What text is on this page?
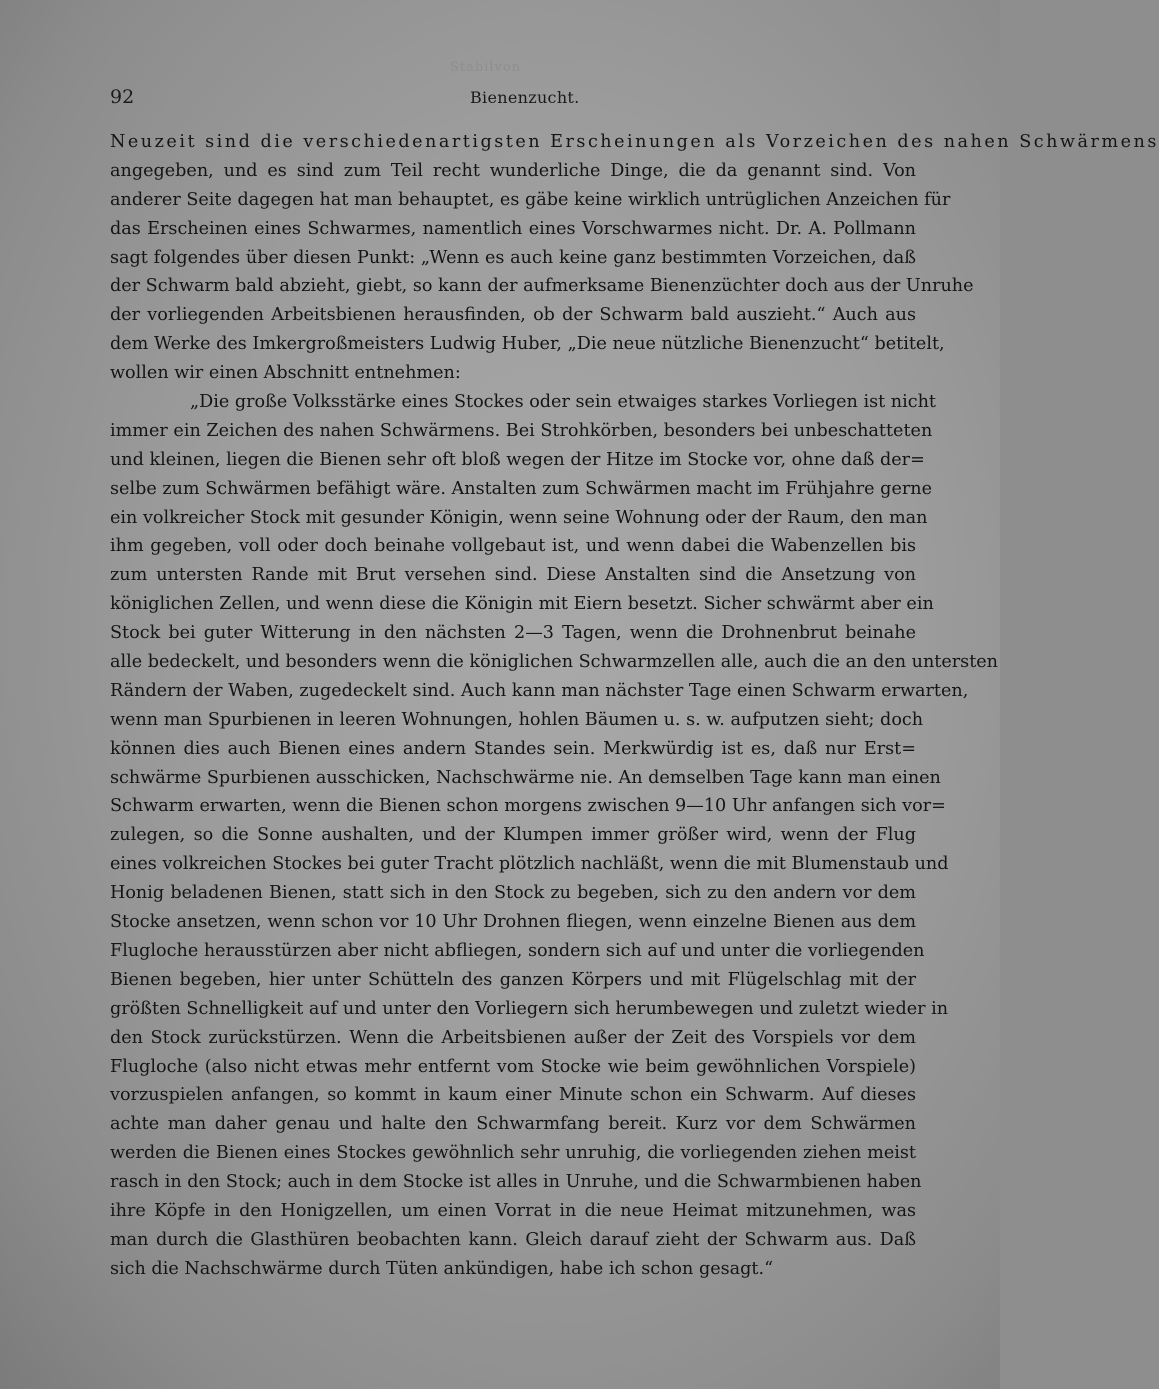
Stabilvon
92	Bienenzucht.
Neuzeit sind die verschiedenartigsten Erscheinungen als Vorzeichen des nahen Schwärmens
angegeben, und es sind zum Teil recht wunderliche Dinge, die da genannt sind. Von
anderer Seite dagegen hat man behauptet, es gäbe keine wirklich untrüglichen Anzeichen für
das Erscheinen eines Schwarmes, namentlich eines Vorschwarmes nicht. Dr. A. Pollmann
sagt folgendes über diesen Punkt: „Wenn es auch keine ganz bestimmten Vorzeichen, daß
der Schwarm bald abzieht, giebt, so kann der aufmerksame Bienenzüchter doch aus der Unruhe
der vorliegenden Arbeitsbienen herausfinden, ob der Schwarm bald auszieht.“ Auch aus
dem Werke des Imkergroßmeisters Ludwig Huber, „Die neue nützliche Bienenzucht“ betitelt,
wollen wir einen Abschnitt entnehmen:
„Die große Volksstärke eines Stockes oder sein etwaiges starkes Vorliegen ist nicht
immer ein Zeichen des nahen Schwärmens. Bei Strohkörben, besonders bei unbeschatteten
und kleinen, liegen die Bienen sehr oft bloß wegen der Hitze im Stocke vor, ohne daß der=
selbe zum Schwärmen befähigt wäre. Anstalten zum Schwärmen macht im Frühjahre gerne
ein volkreicher Stock mit gesunder Königin, wenn seine Wohnung oder der Raum, den man
ihm gegeben, voll oder doch beinahe vollgebaut ist, und wenn dabei die Wabenzellen bis
zum untersten Rande mit Brut versehen sind. Diese Anstalten sind die Ansetzung von
königlichen Zellen, und wenn diese die Königin mit Eiern besetzt. Sicher schwärmt aber ein
Stock bei guter Witterung in den nächsten 2—3 Tagen, wenn die Drohnenbrut beinahe
alle bedeckelt, und besonders wenn die königlichen Schwarmzellen alle, auch die an den untersten
Rändern der Waben, zugedeckelt sind. Auch kann man nächster Tage einen Schwarm erwarten,
wenn man Spurbienen in leeren Wohnungen, hohlen Bäumen u. s. w. aufputzen sieht; doch
können dies auch Bienen eines andern Standes sein. Merkwürdig ist es, daß nur Erst=
schwärme Spurbienen ausschicken, Nachschwärme nie. An demselben Tage kann man einen
Schwarm erwarten, wenn die Bienen schon morgens zwischen 9—10 Uhr anfangen sich vor=
zulegen, so die Sonne aushalten, und der Klumpen immer größer wird, wenn der Flug
eines volkreichen Stockes bei guter Tracht plötzlich nachläßt, wenn die mit Blumenstaub und
Honig beladenen Bienen, statt sich in den Stock zu begeben, sich zu den andern vor dem
Stocke ansetzen, wenn schon vor 10 Uhr Drohnen fliegen, wenn einzelne Bienen aus dem
Flugloche herausstürzen aber nicht abfliegen, sondern sich auf und unter die vorliegenden
Bienen begeben, hier unter Schütteln des ganzen Körpers und mit Flügelschlag mit der
größten Schnelligkeit auf und unter den Vorliegern sich herumbewegen und zuletzt wieder in
den Stock zurückstürzen. Wenn die Arbeitsbienen außer der Zeit des Vorspiels vor dem
Flugloche (also nicht etwas mehr entfernt vom Stocke wie beim gewöhnlichen Vorspiele)
vorzuspielen anfangen, so kommt in kaum einer Minute schon ein Schwarm. Auf dieses
achte man daher genau und halte den Schwarmfang bereit. Kurz vor dem Schwärmen
werden die Bienen eines Stockes gewöhnlich sehr unruhig, die vorliegenden ziehen meist
rasch in den Stock; auch in dem Stocke ist alles in Unruhe, und die Schwarmbienen haben
ihre Köpfe in den Honigzellen, um einen Vorrat in die neue Heimat mitzunehmen, was
man durch die Glasthüren beobachten kann. Gleich darauf zieht der Schwarm aus. Daß
sich die Nachschwärme durch Tüten ankündigen, habe ich schon gesagt.“
